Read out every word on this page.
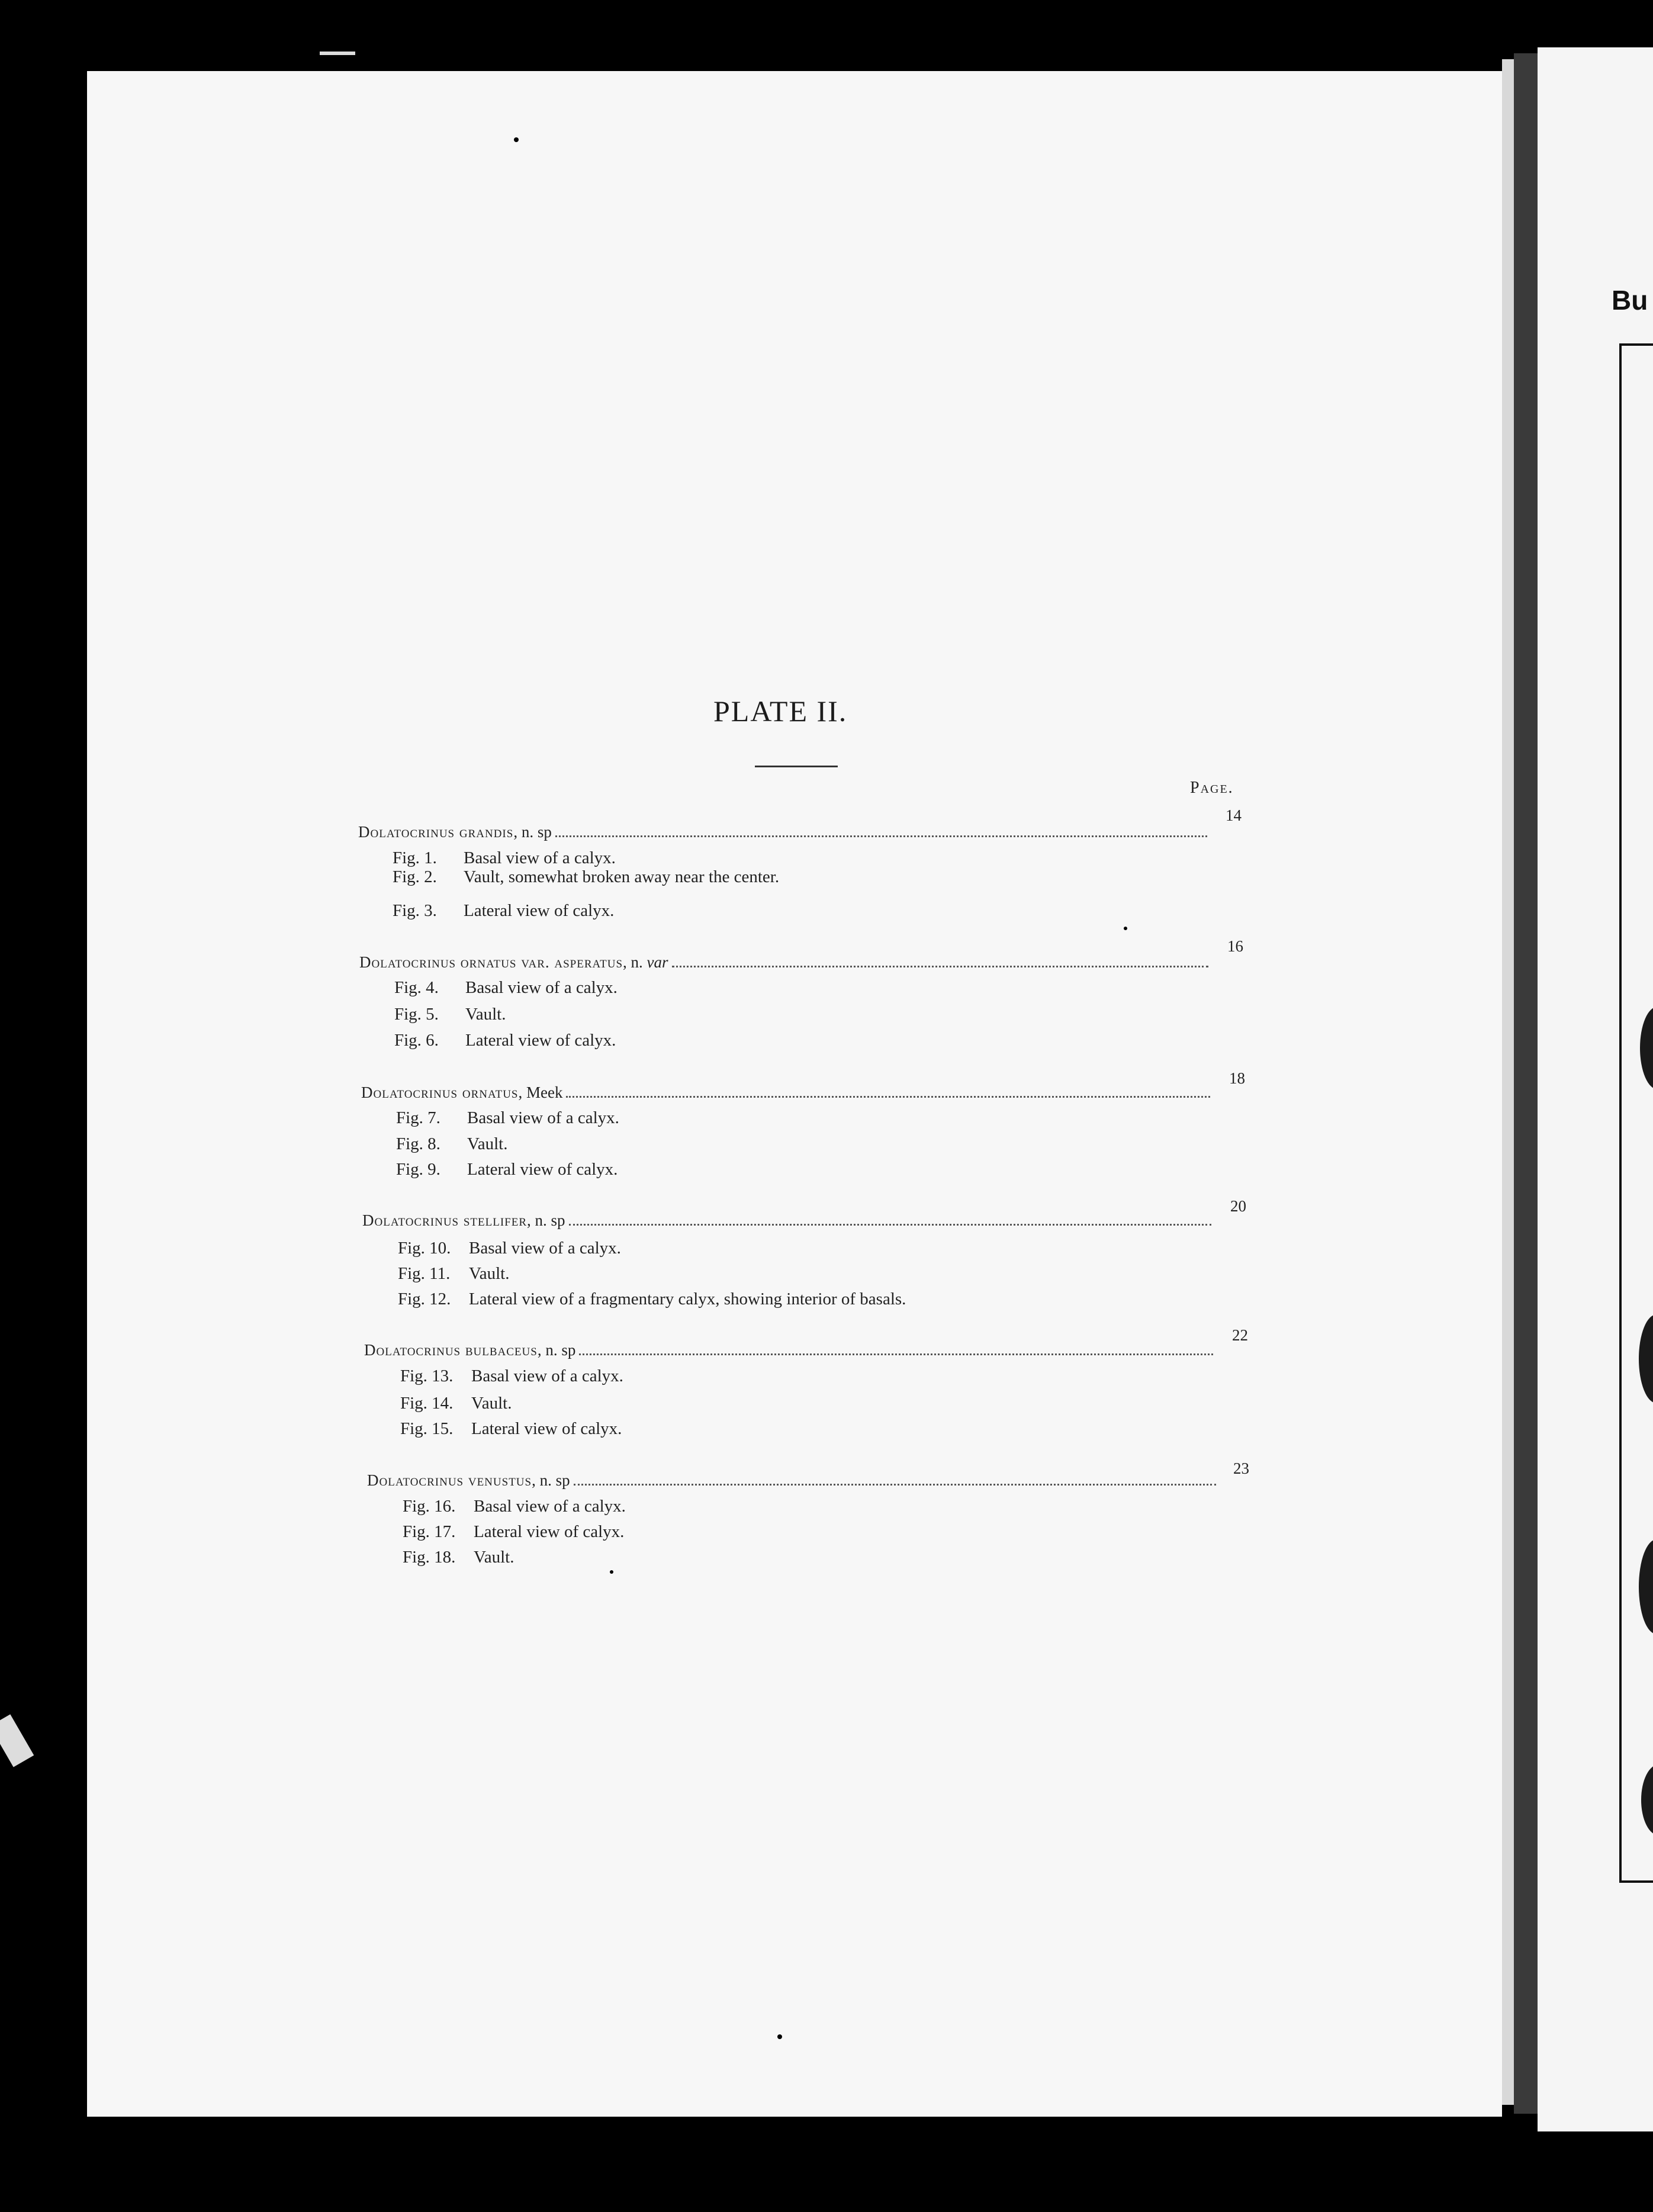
Bu
PLATE II.
Page.
Dolatocrinus grandis , n. sp
14
Fig. 1. Basal view of a calyx.
Fig. 2. Vault, somewhat broken away near the center.
Fig. 3. Lateral view of calyx.
Dolatocrinus ornatus var. asperatus , n. var
16
Fig. 4. Basal view of a calyx.
Fig. 5. Vault.
Fig. 6. Lateral view of calyx.
Dolatocrinus ornatus , Meek
18
Fig. 7. Basal view of a calyx.
Fig. 8. Vault.
Fig. 9. Lateral view of calyx.
Dolatocrinus stellifer , n. sp
20
Fig. 10. Basal view of a calyx.
Fig. 11. Vault.
Fig. 12. Lateral view of a fragmentary calyx, showing interior of basals.
Dolatocrinus bulbaceus , n. sp
22
Fig. 13. Basal view of a calyx.
Fig. 14. Vault.
Fig. 15. Lateral view of calyx.
Dolatocrinus venustus , n. sp
23
Fig. 16. Basal view of a calyx.
Fig. 17. Lateral view of calyx.
Fig. 18. Vault.
